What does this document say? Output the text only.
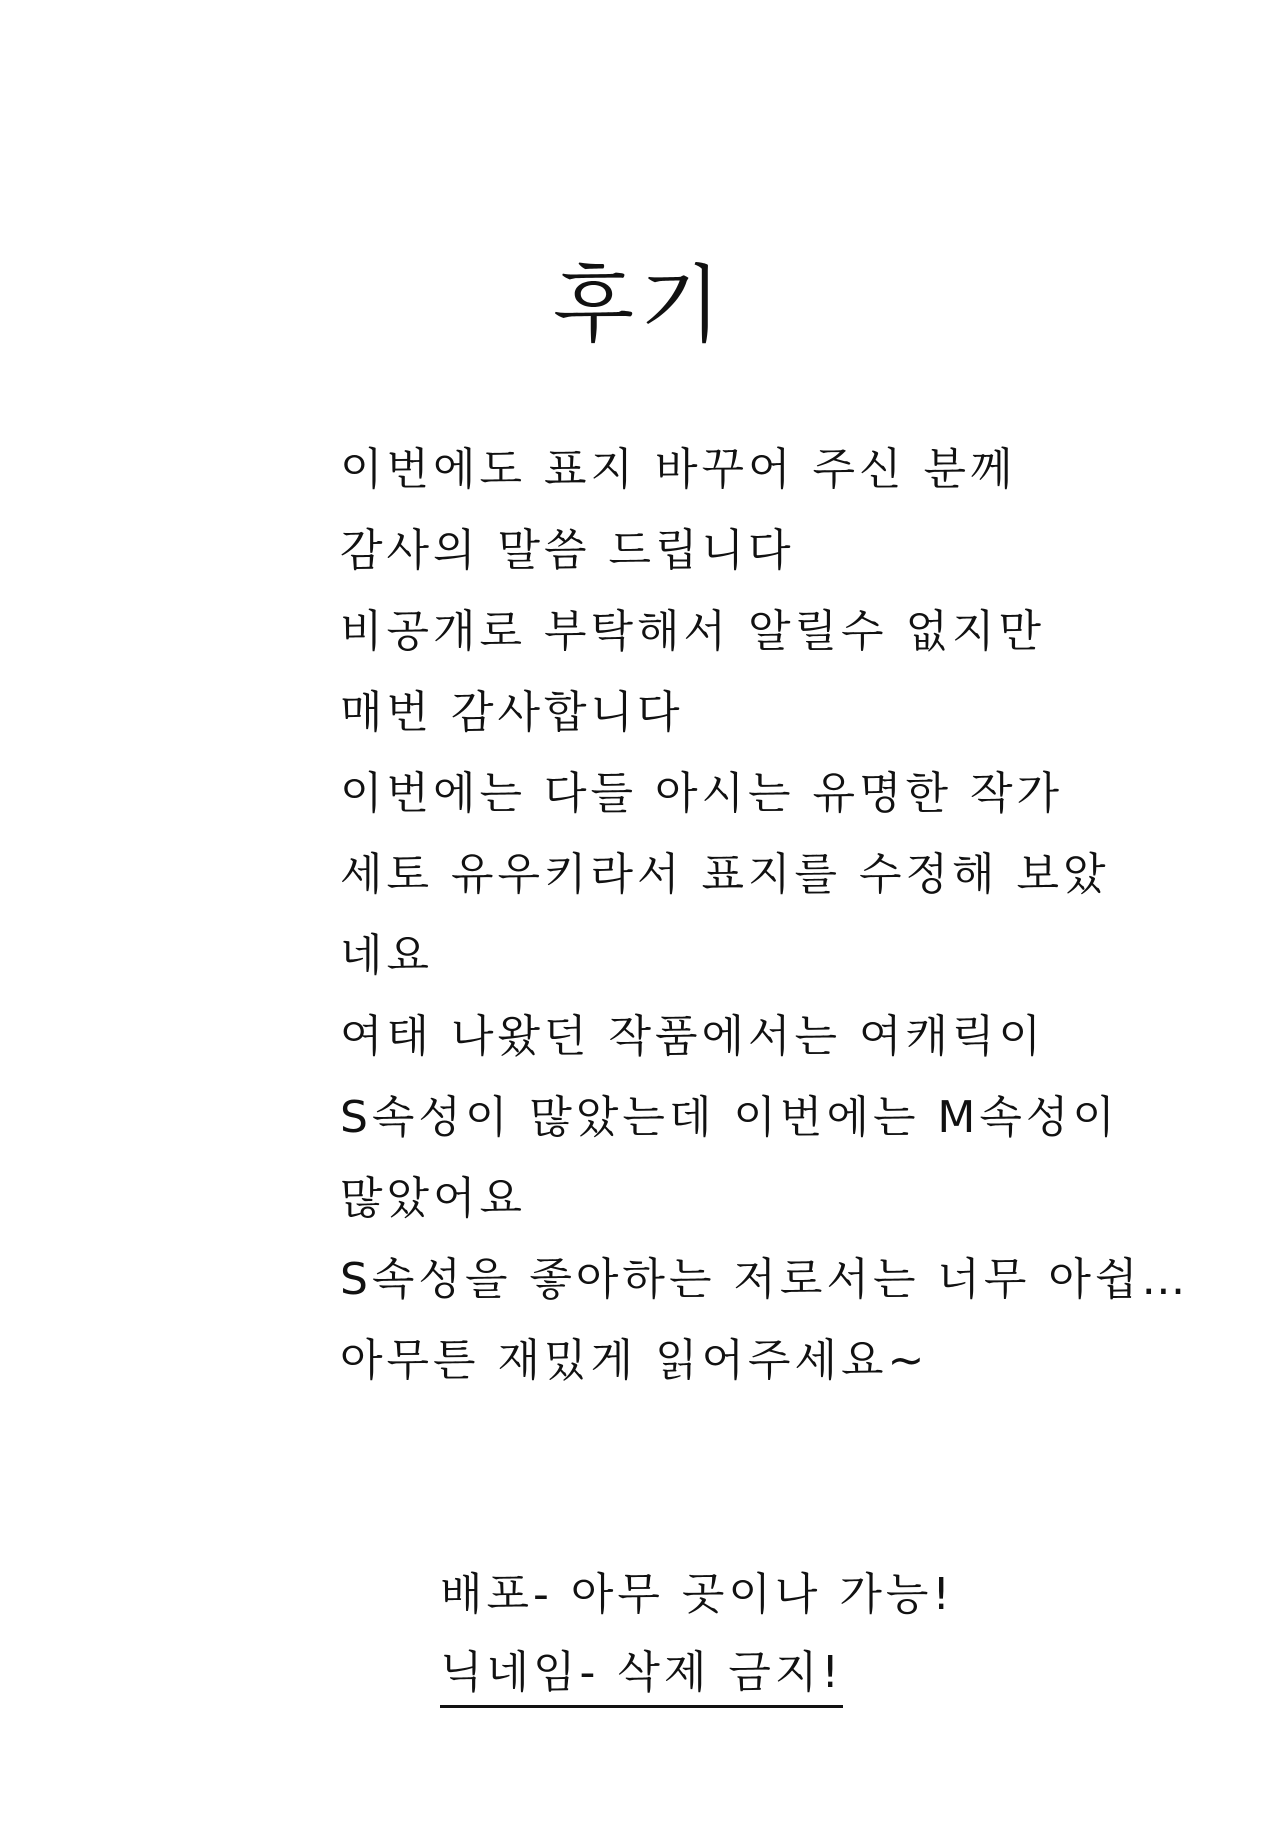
후기
이번에도 표지 바꾸어 주신 분께
감사의 말씀 드립니다
비공개로 부탁해서 알릴수 없지만
매번 감사합니다
이번에는 다들 아시는 유명한 작가
세토 유우키라서 표지를 수정해 보았
네요
여태 나왔던 작품에서는 여캐릭이
S속성이 많았는데 이번에는 M속성이
많았어요
S속성을 좋아하는 저로서는 너무 아쉽…
아무튼 재밌게 읽어주세요~
배포- 아무 곳이나 가능!
닉네임- 삭제 금지!
